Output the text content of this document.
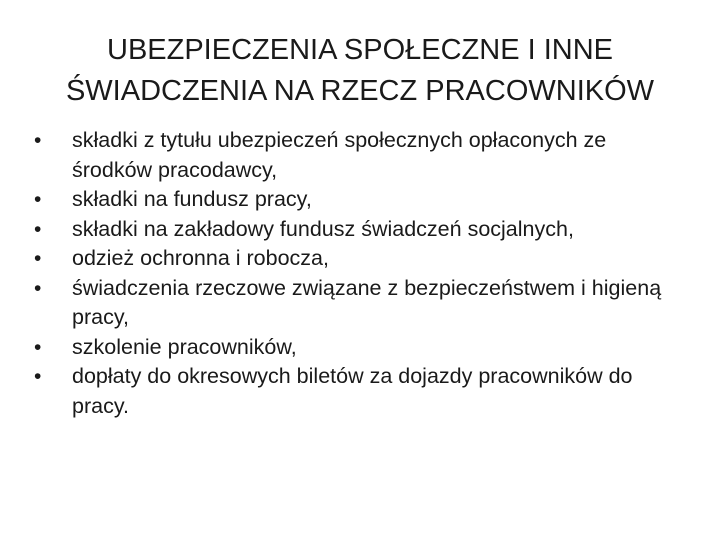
UBEZPIECZENIA SPOŁECZNE I INNE
ŚWIADCZENIA NA RZECZ PRACOWNIKÓW
•	składki z tytułu ubezpieczeń społecznych opłaconych ze środków pracodawcy,
•	składki na fundusz pracy,
•	składki na zakładowy fundusz świadczeń socjalnych,
•	odzież ochronna i robocza,
•	świadczenia rzeczowe związane z bezpieczeństwem i higieną pracy,
•	szkolenie pracowników,
•	dopłaty do okresowych biletów za dojazdy pracowników do pracy.
